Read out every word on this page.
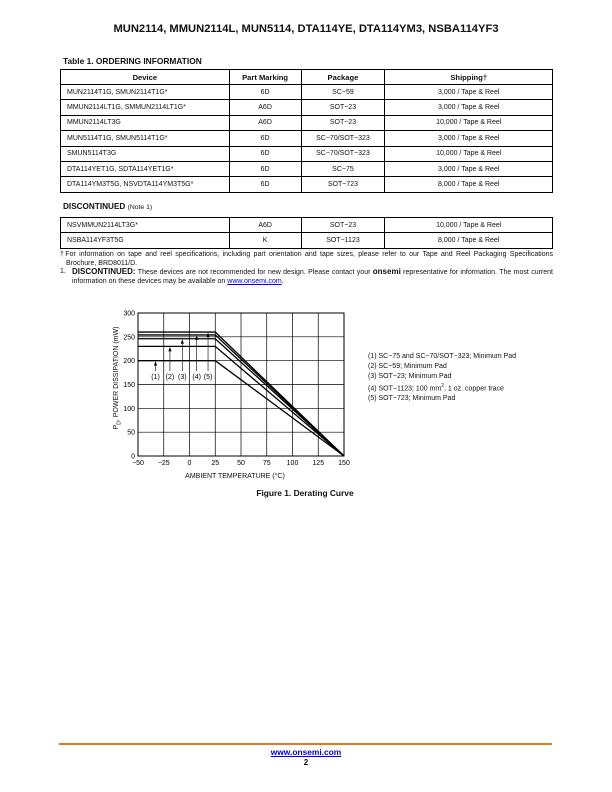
MUN2114, MMUN2114L, MUN5114, DTA114YE, DTA114YM3, NSBA114YF3
Table 1. ORDERING INFORMATION
Device	Part Marking	Package	Shipping†
MUN2114T1G, SMUN2114T1G*	6D	SC−59	3,000 / Tape & Reel
MMUN2114LT1G, SMMUN2114LT1G*	A6D	SOT−23	3,000 / Tape & Reel
MMUN2114LT3G	A6D	SOT−23	10,000 / Tape & Reel
MUN5114T1G, SMUN5114T1G*	6D	SC−70/SOT−323	3,000 / Tape & Reel
SMUN5114T3G	6D	SC−70/SOT−323	10,000 / Tape & Reel
DTA114YET1G, SDTA114YET1G*	6D	SC−75	3,000 / Tape & Reel
DTA114YM3T5G, NSVDTA114YM3T5G*	6D	SOT−723	8,000 / Tape & Reel
DISCONTINUED (Note 1)
NSVMMUN2114LT3G*	A6D	SOT−23	10,000 / Tape & Reel
NSBA114YF3T5G	K	SOT−1123	8,000 / Tape & Reel
†For information on tape and reel specifications, including part orientation and tape sizes, please refer to our Tape and Reel Packaging Specifications Brochure, BRD8011/D.
1. DISCONTINUED: These devices are not recommended for new design. Please contact your onsemi representative for information. The most current information on these devices may be available on www.onsemi.com.
−50 −25	0	25	50	75 100 125 150
0
50
100
150
200
250
300
(1) (2) (3) (4) (5)
AMBIENT TEMPERATURE (°C)
$P_D$, POWER DISSIPATION (mW)
Figure 1. Derating Curve
(1) SC−75 and SC−70/SOT−323; Minimum Pad
(2) SC−59; Minimum Pad
(3) SOT−23; Minimum Pad
(4) SOT−1123; 100 $mm^2$, 1 oz. copper trace
(5) SOT−723; Minimum Pad
www.onsemi.com
2
